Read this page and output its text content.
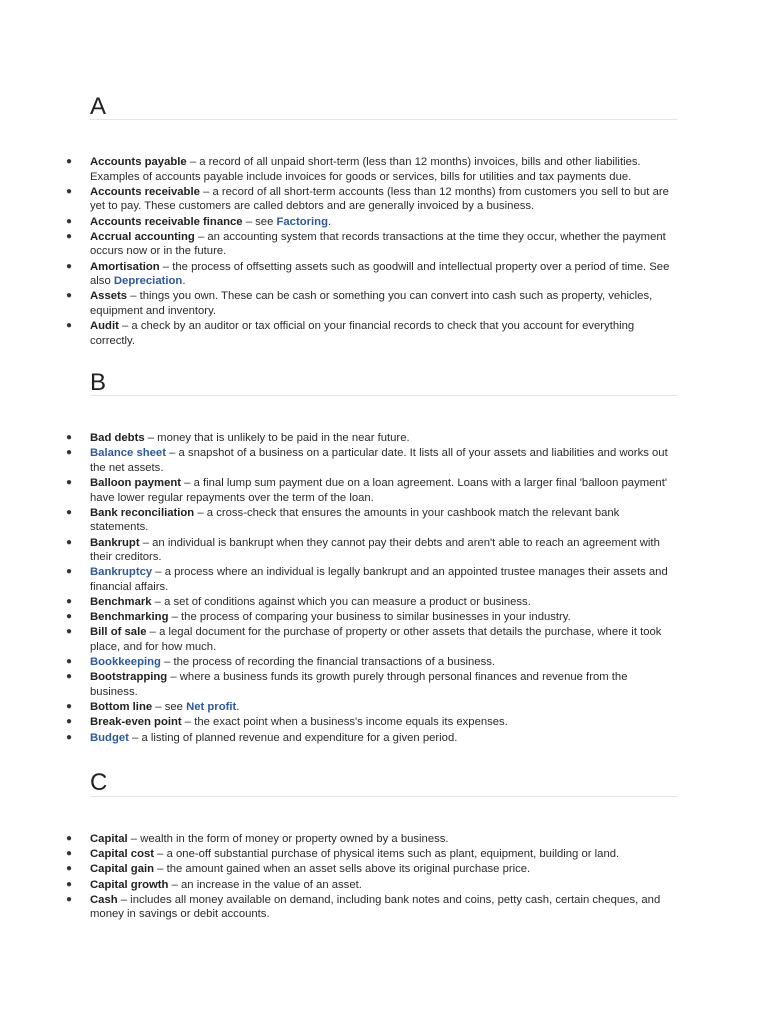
A
● Accounts payable – a record of all unpaid short-term (less than 12 months) invoices, bills and other liabilities. Examples of accounts payable include invoices for goods or services, bills for utilities and tax payments due.
● Accounts receivable – a record of all short-term accounts (less than 12 months) from customers you sell to but are yet to pay. These customers are called debtors and are generally invoiced by a business.
● Accounts receivable finance – see Factoring.
● Accrual accounting – an accounting system that records transactions at the time they occur, whether the payment occurs now or in the future.
● Amortisation – the process of offsetting assets such as goodwill and intellectual property over a period of time. See also Depreciation.
● Assets – things you own. These can be cash or something you can convert into cash such as property, vehicles, equipment and inventory.
● Audit – a check by an auditor or tax official on your financial records to check that you account for everything correctly.
B
● Bad debts – money that is unlikely to be paid in the near future.
● Balance sheet – a snapshot of a business on a particular date. It lists all of your assets and liabilities and works out the net assets.
● Balloon payment – a final lump sum payment due on a loan agreement. Loans with a larger final 'balloon payment' have lower regular repayments over the term of the loan.
● Bank reconciliation – a cross-check that ensures the amounts in your cashbook match the relevant bank statements.
● Bankrupt – an individual is bankrupt when they cannot pay their debts and aren't able to reach an agreement with their creditors.
● Bankruptcy – a process where an individual is legally bankrupt and an appointed trustee manages their assets and financial affairs.
● Benchmark – a set of conditions against which you can measure a product or business.
● Benchmarking – the process of comparing your business to similar businesses in your industry.
● Bill of sale – a legal document for the purchase of property or other assets that details the purchase, where it took place, and for how much.
● Bookkeeping – the process of recording the financial transactions of a business.
● Bootstrapping – where a business funds its growth purely through personal finances and revenue from the business.
● Bottom line – see Net profit.
● Break-even point – the exact point when a business's income equals its expenses.
● Budget – a listing of planned revenue and expenditure for a given period.
C
● Capital – wealth in the form of money or property owned by a business.
● Capital cost – a one-off substantial purchase of physical items such as plant, equipment, building or land.
● Capital gain – the amount gained when an asset sells above its original purchase price.
● Capital growth – an increase in the value of an asset.
● Cash – includes all money available on demand, including bank notes and coins, petty cash, certain cheques, and money in savings or debit accounts.
